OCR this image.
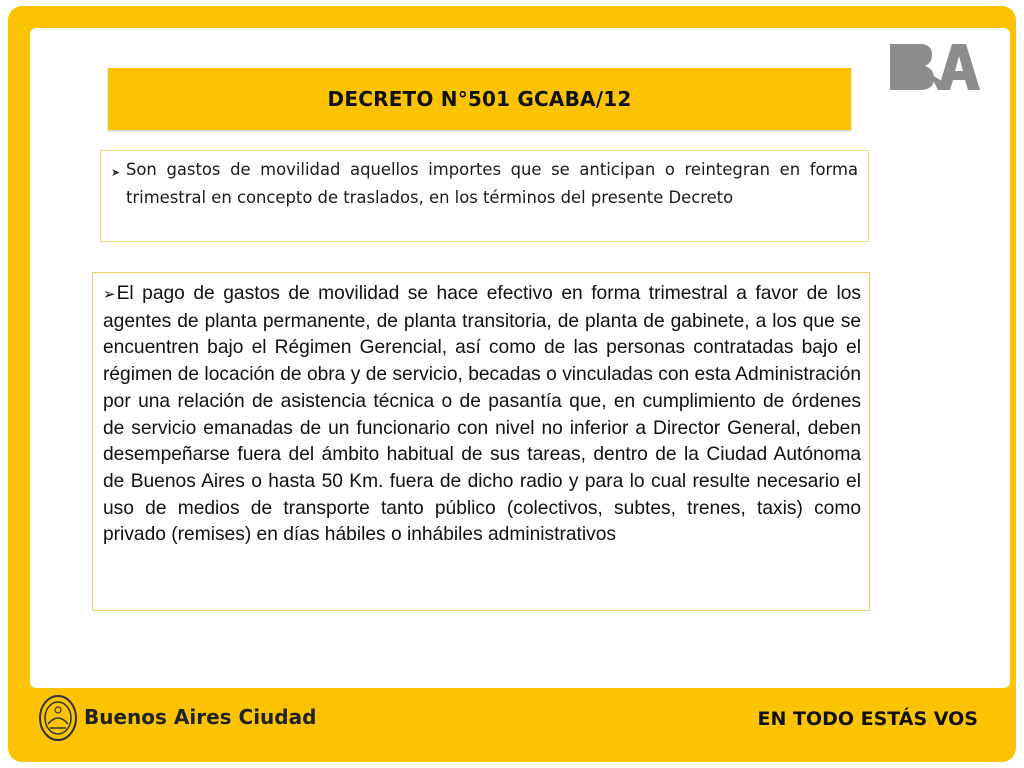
DECRETO N°501 GCABA/12
➤ Son gastos de movilidad aquellos importes que se anticipan o reintegran en forma trimestral en concepto de traslados, en los términos del presente Decreto
➢El pago de gastos de movilidad se hace efectivo en forma trimestral a favor de los agentes de planta permanente, de planta transitoria, de planta de gabinete, a los que se encuentren bajo el Régimen Gerencial, así como de las personas contratadas bajo el régimen de locación de obra y de servicio, becadas o vinculadas con esta Administración por una relación de asistencia técnica o de pasantía que, en cumplimiento de órdenes de servicio emanadas de un funcionario con nivel no inferior a Director General, deben desempeñarse fuera del ámbito habitual de sus tareas, dentro de la Ciudad Autónoma de Buenos Aires o hasta 50 Km. fuera de dicho radio y para lo cual resulte necesario el uso de medios de transporte tanto público (colectivos, subtes, trenes, taxis) como privado (remises) en días hábiles o inhábiles administrativos
Buenos Aires Ciudad	EN TODO ESTÁS VOS
